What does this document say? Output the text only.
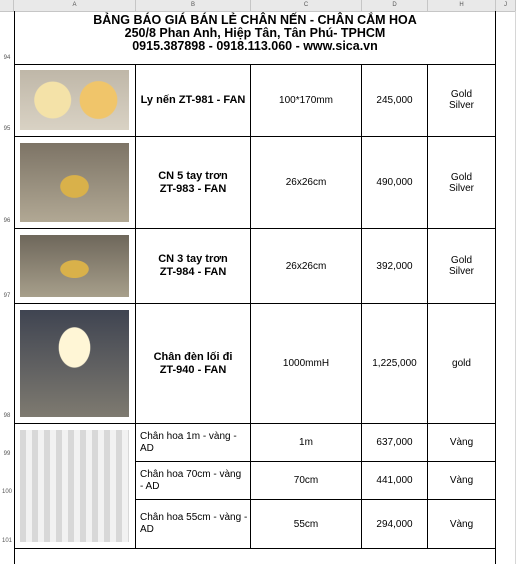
A	B	C	D	H	J
BẢNG BÁO GIÁ BÁN LẺ CHÂN NẾN - CHÂN CẮM HOA
250/8 Phan Anh, Hiệp Tân, Tân Phú- TPHCM
0915.387898 - 0918.113.060 - www.sica.vn
94
95
Ly nến ZT-981 - FAN	100*170mm	245,000	Gold
Silver
96
CN 5 tay trơn
ZT-983 - FAN	26x26cm	490,000	Gold
Silver
97
CN 3 tay trơn
ZT-984 - FAN	26x26cm	392,000	Gold
Silver
98
Chân đèn lối đi
ZT-940 - FAN	1000mmH	1,225,000	gold
99
Chân hoa 1m - vàng -
AD	1m	637,000	Vàng
100
Chân hoa 70cm - vàng
- AD	70cm	441,000	Vàng
101
Chân hoa 55cm - vàng -
AD	55cm	294,000	Vàng
